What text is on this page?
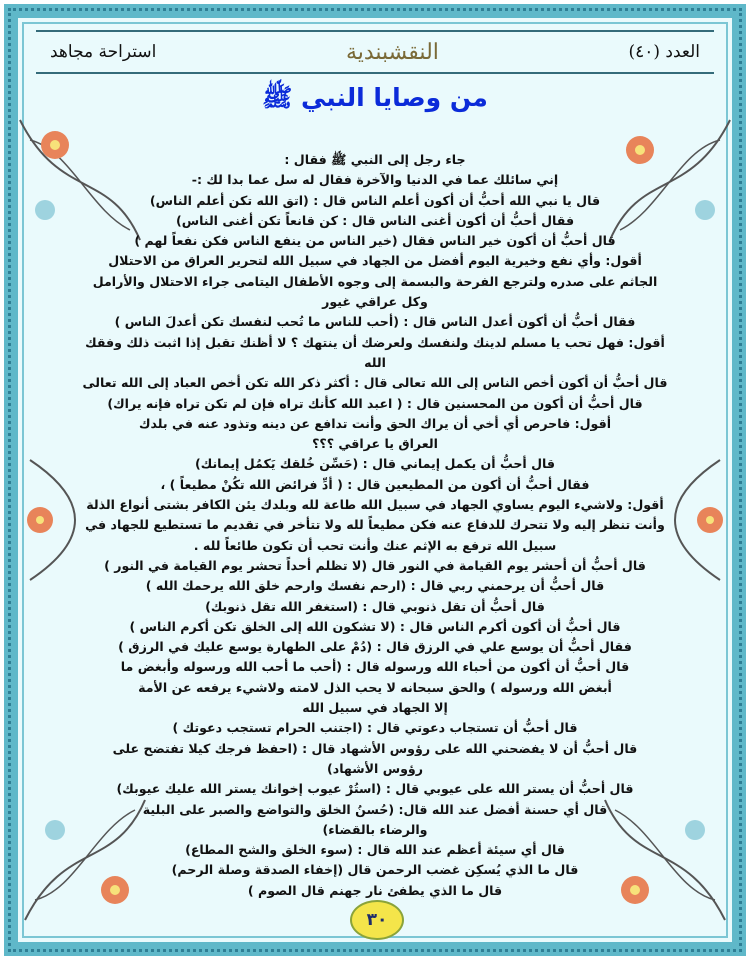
استراحة مجاهد	النقشبندية	العدد (٤٠)
من وصايا النبي ﷺ

جاء رجل إلى النبي ﷺ فقال :

إني سائلك عما في الدنيا والآخرة فقال له سل عما بدا لك :-

قال يا نبي الله أحبُّ أن أكون أعلم الناس قال : (اتق الله تكن أعلم الناس)

فقال أحبُّ أن أكون أغنى الناس قال : كن قانعاً تكن أغنى الناس)

قال أحبُّ أن أكون خير الناس فقال (خير الناس من ينفع الناس فكن نفعاً لهم )

أقول: وأي نفع وخيرية اليوم أفضل من الجهاد في سبيل الله لتحرير العراق من الاحتلال

الجاثم على صدره ولترجع الفرحة والبسمة إلى وجوه الأطفال اليتامى جراء الاحتلال والأرامل

وكل عراقي غيور

فقال أحبُّ أن أكون أعدل الناس قال : (أحب للناس ما تُحب لنفسك تكن أعدلَ الناس )

أقول: فهل تحب يا مسلم لدينك ولنفسك ولعرضك أن ينتهك ؟ لا أظنك تقبل إذا اثبت ذلك وفقك الله

قال أحبُّ أن أكون أخص الناس إلى الله تعالى قال : أكثر ذكر الله تكن أخص العباد إلى الله تعالى

قال أحبُّ أن أكون من المحسنين قال : ( اعبد الله كأنك تراه فإن لم تكن تراه فإنه يراك)

أقول: فاحرص أي أخي أن يراك الحق وأنت تدافع عن دينه وتذود عنه في بلدك

العراق يا عراقي ؟؟؟

قال أحبُّ أن يكمل إيماني قال : (حَسِّن خُلقك يَكمُل إيمانك)

فقال أحبُّ أن أكون من المطيعين قال : ( أدِّ فرائض الله تكُنْ مطيعاً ) ،

أقول: ولاشيء اليوم يساوي الجهاد في سبيل الله طاعة لله وبلدك يئن الكافر بشتى أنواع الذلة

وأنت تنظر إليه ولا تتحرك للدفاع عنه فكن مطيعاً لله ولا تتأخر في تقديم ما تستطيع للجهاد في

سبيل الله ترفع به الإثم عنك وأنت تحب أن تكون طائعاً لله .

قال أحبُّ أن أحشر يوم القيامة في النور قال (لا تظلم أحداً تحشر يوم القيامة في النور )

قال أحبُّ أن يرحمني ربي قال : (ارحم نفسك وارحم خلق الله يرحمك الله )

قال أحبُّ أن تقل ذنوبي قال : (استغفر الله تقل ذنوبك)

قال أحبُّ أن أكون أكرم الناس قال : (لا تشكون الله إلى الخلق تكن أكرم الناس )

فقال أحبُّ أن يوسع علي في الرزق قال : (دُمْ على الطهارة يوسع عليك في الرزق )

قال أحبُّ أن أكون من أحباء الله ورسوله قال : (أحب ما أحب الله ورسوله وأبغض ما

أبغض الله ورسوله ) والحق سبحانه لا يحب الذل لامته ولاشيء يرفعه عن الأمة

إلا الجهاد في سبيل الله

قال أحبُّ أن تستجاب دعوتي قال : (اجتنب الحرام تستجب دعوتك )

قال أحبُّ أن لا يفضحني الله على رؤوس الأشهاد قال : (احفظ فرجك كيلا تفتضح على

رؤوس الأشهاد)

قال أحبُّ أن يستر الله على عيوبي قال : (استُرْ عيوب إخوانك يستر الله عليك عيوبك)

قال أي حسنة أفضل عند الله قال: (حُسنُ الخلق والتواضع والصبر على البلية

والرضاء بالقضاء)

قال أي سيئة أعظم عند الله قال : (سوء الخلق والشح المطاع)

قال ما الذي يُسكِن غضب الرحمن قال (إخفاء الصدقة وصلة الرحم)

قال ما الذي يطفئ نار جهنم قال الصوم )

٣٠
